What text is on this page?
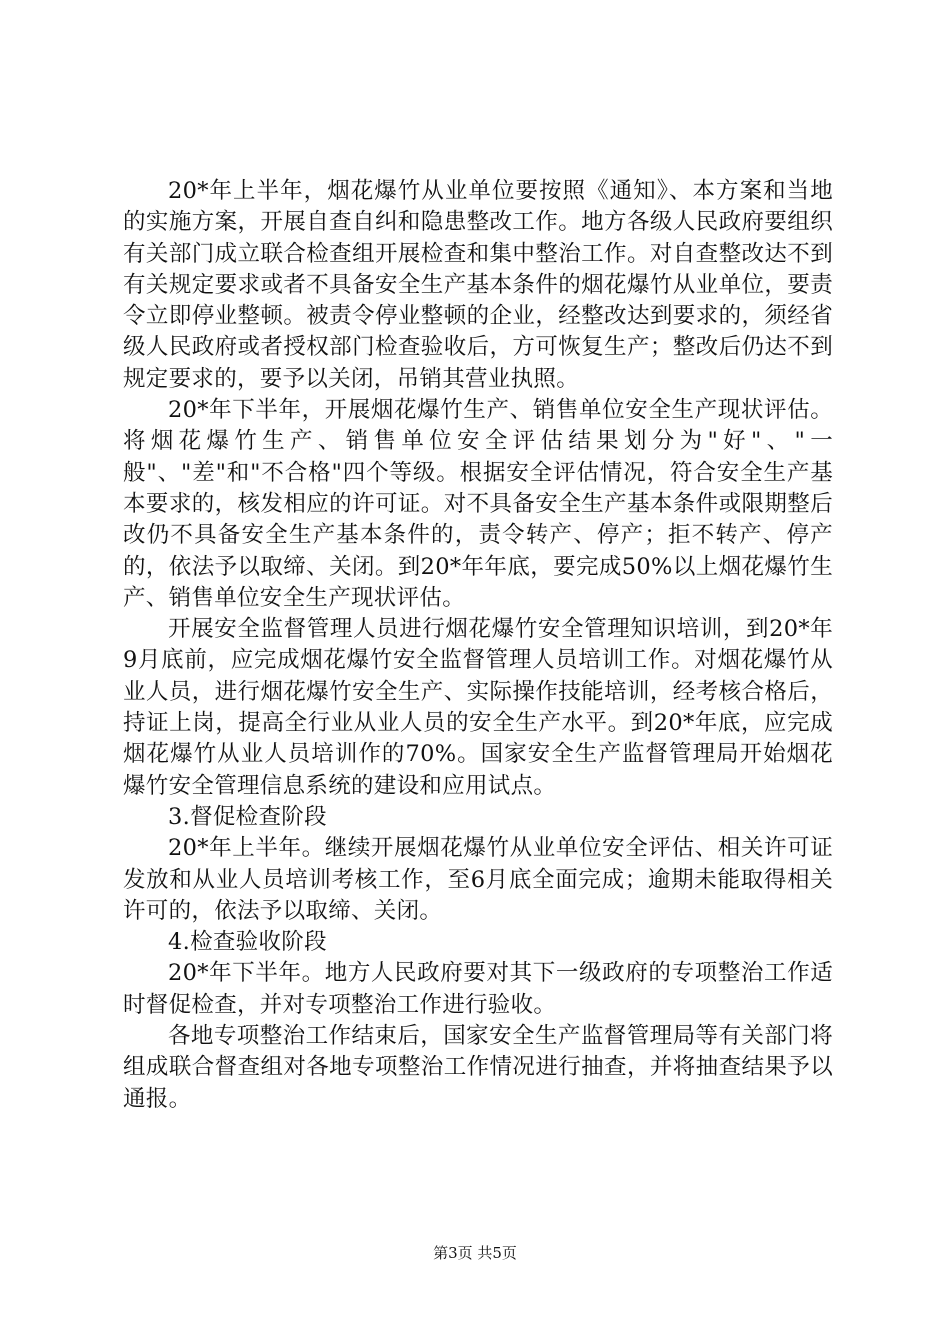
20*年上半年，烟花爆竹从业单位要按照《通知》、本方案和当地的实施方案，开展自查自纠和隐患整改工作。地方各级人民政府要组织有关部门成立联合检查组开展检查和集中整治工作。对自查整改达不到有关规定要求或者不具备安全生产基本条件的烟花爆竹从业单位，要责令立即停业整顿。被责令停业整顿的企业，经整改达到要求的，须经省级人民政府或者授权部门检查验收后，方可恢复生产；整改后仍达不到规定要求的，要予以关闭，吊销其营业执照。

20*年下半年，开展烟花爆竹生产、销售单位安全生产现状评估。将烟花爆竹生产、销售单位安全评估结果划分为"好"、"一般"、"差"和"不合格"四个等级。根据安全评估情况，符合安全生产基本要求的，核发相应的许可证。对不具备安全生产基本条件或限期整后改仍不具备安全生产基本条件的，责令转产、停产；拒不转产、停产的，依法予以取缔、关闭。到20*年年底，要完成50%以上烟花爆竹生产、销售单位安全生产现状评估。

开展安全监督管理人员进行烟花爆竹安全管理知识培训，到20*年9月底前，应完成烟花爆竹安全监督管理人员培训工作。对烟花爆竹从业人员，进行烟花爆竹安全生产、实际操作技能培训，经考核合格后，持证上岗，提高全行业从业人员的安全生产水平。到20*年底，应完成烟花爆竹从业人员培训作的70%。国家安全生产监督管理局开始烟花爆竹安全管理信息系统的建设和应用试点。

3.督促检查阶段

20*年上半年。继续开展烟花爆竹从业单位安全评估、相关许可证发放和从业人员培训考核工作，至6月底全面完成；逾期未能取得相关许可的，依法予以取缔、关闭。

4.检查验收阶段

20*年下半年。地方人民政府要对其下一级政府的专项整治工作适时督促检查，并对专项整治工作进行验收。

各地专项整治工作结束后，国家安全生产监督管理局等有关部门将组成联合督查组对各地专项整治工作情况进行抽查，并将抽查结果予以通报。

第3页 共5页
